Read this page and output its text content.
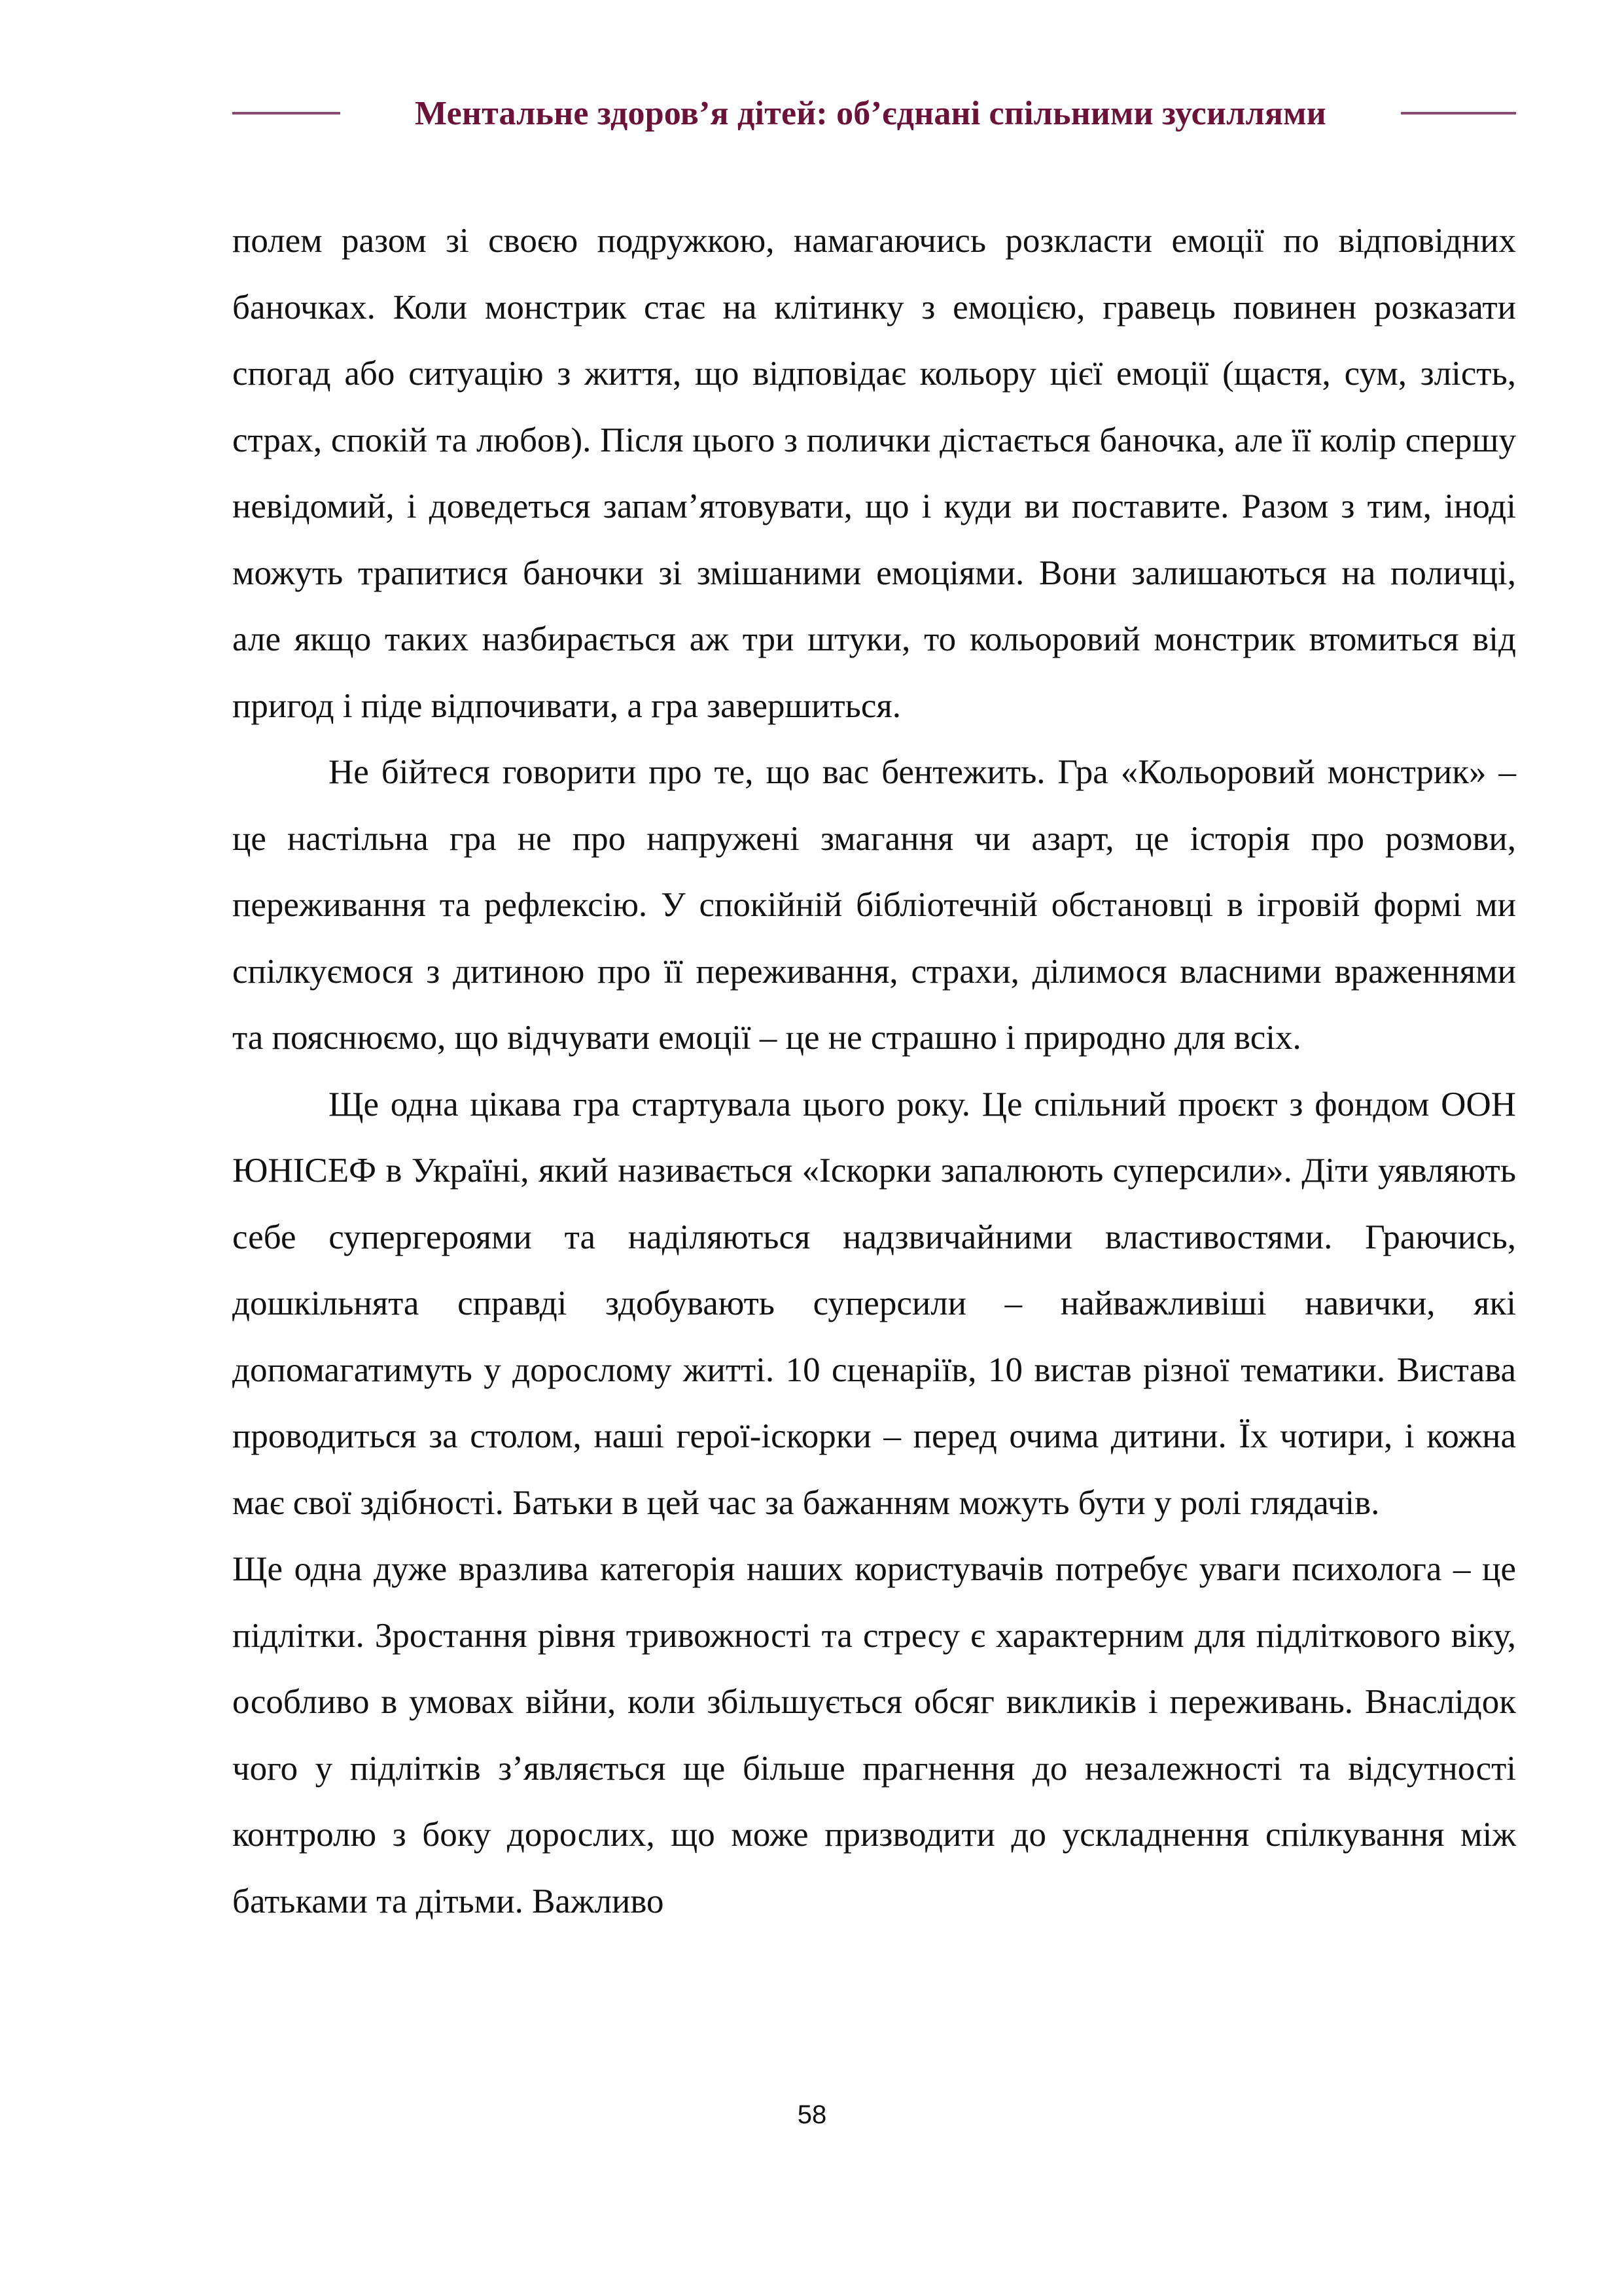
Ментальне здоров’я дітей: об’єднані спільними зусиллями

полем разом зі своєю подружкою, намагаючись розкласти емоції по відповідних баночках. Коли монстрик стає на клітинку з емоцією, гравець повинен розказати спогад або ситуацію з життя, що відповідає кольору цієї емоції (щастя, сум, злість, страх, спокій та любов). Після цього з полички дістається баночка, але її колір спершу невідомий, і доведеться запам’ятовувати, що і куди ви поставите. Разом з тим, іноді можуть трапитися баночки зі змішаними емоціями. Вони залишаються на поличці, але якщо таких назбирається аж три штуки, то кольоровий монстрик втомиться від пригод і піде відпочивати, а гра завершиться.

Не бійтеся говорити про те, що вас бентежить. Гра «Кольоровий монстрик» – це настільна гра не про напружені змагання чи азарт, це історія про розмови, переживання та рефлексію. У спокійній бібліотечній обстановці в ігровій формі ми спілкуємося з дитиною про її переживання, страхи, ділимося власними враженнями та пояснюємо, що відчувати емоції – це не страшно і природно для всіх.

Ще одна цікава гра стартувала цього року. Це спільний проєкт з фондом ООН ЮНІСЕФ в Україні, який називається «Іскорки запалюють суперсили». Діти уявляють себе супергероями та наділяються надзвичайними властивостями. Граючись, дошкільнята справді здобувають суперсили – найважливіші навички, які допомагатимуть у дорослому житті. 10 сценаріїв, 10 вистав різної тематики. Вистава проводиться за столом, наші герої-іскорки – перед очима дитини. Їх чотири, і кожна має свої здібності. Батьки в цей час за бажанням можуть бути у ролі глядачів.

Ще одна дуже вразлива категорія наших користувачів потребує уваги психолога – це підлітки. Зростання рівня тривожності та стресу є характерним для підліткового віку, особливо в умовах війни, коли збільшується обсяг викликів і переживань. Внаслідок чого у підлітків з’являється ще більше прагнення до незалежності та відсутності контролю з боку дорослих, що може призводити до ускладнення спілкування між батьками та дітьми. Важливо

58
